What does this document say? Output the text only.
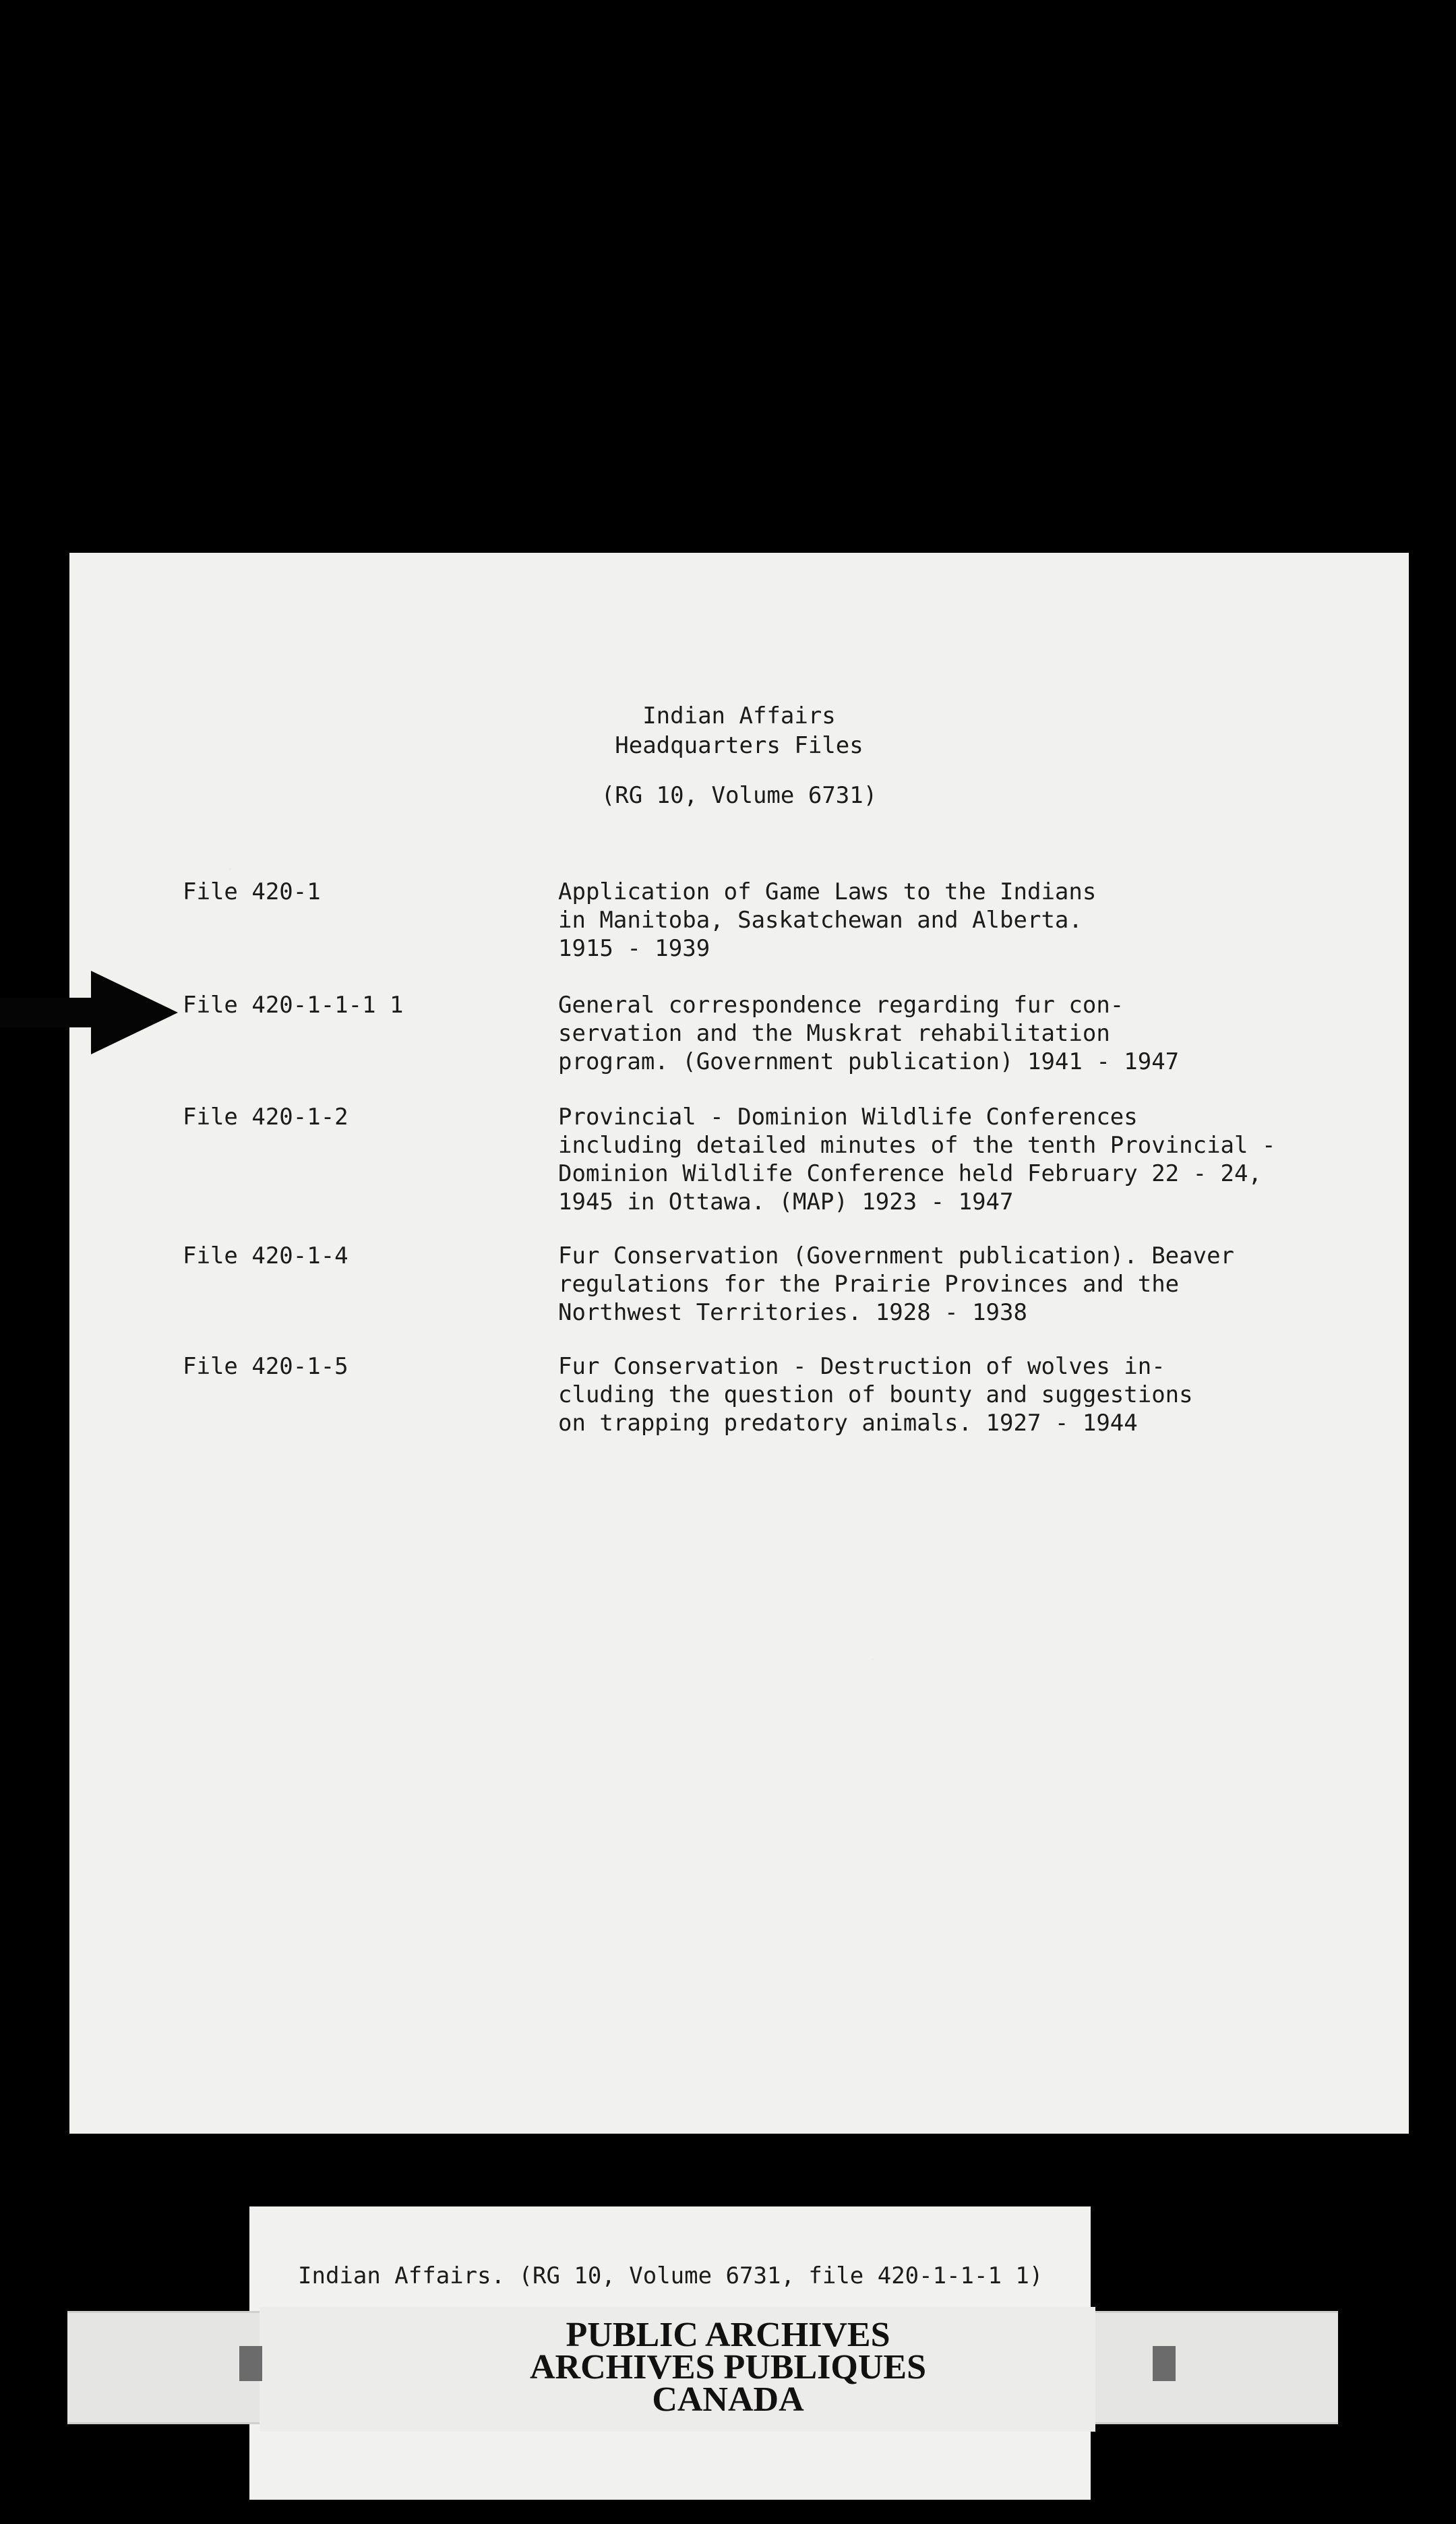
Indian Affairs
Headquarters Files
(RG 10, Volume 6731)
File 420-1	Application of Game Laws to the Indians
in Manitoba, Saskatchewan and Alberta.
1915 - 1939
File 420-1-1-1 1	General correspondence regarding fur con-
servation and the Muskrat rehabilitation
program. (Government publication) 1941 - 1947
File 420-1-2	Provincial - Dominion Wildlife Conferences
including detailed minutes of the tenth Provincial -
Dominion Wildlife Conference held February 22 - 24,
1945 in Ottawa. (MAP) 1923 - 1947
File 420-1-4	Fur Conservation (Government publication). Beaver
regulations for the Prairie Provinces and the
Northwest Territories. 1928 - 1938
File 420-1-5	Fur Conservation - Destruction of wolves in-
cluding the question of bounty and suggestions
on trapping predatory animals. 1927 - 1944
Indian Affairs. (RG 10, Volume 6731, file 420-1-1-1 1)
PUBLIC ARCHIVES
ARCHIVES PUBLIQUES
CANADA
